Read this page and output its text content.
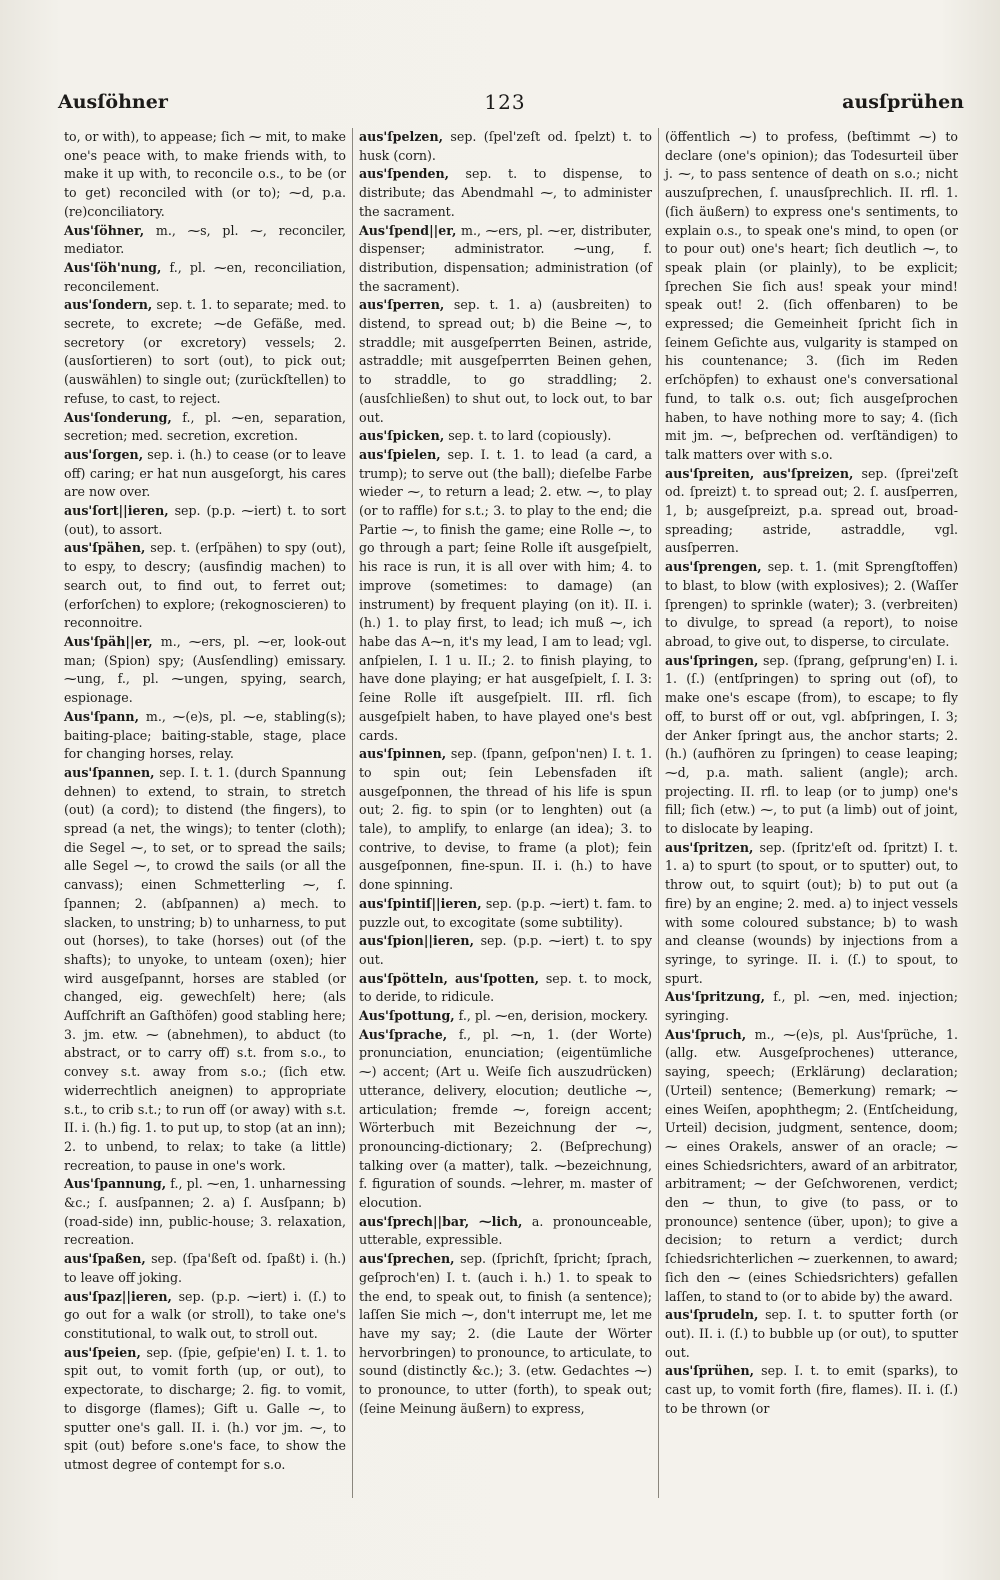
Ausſöhner	123	ausſprühen

to, or with), to appease; ſich ⁓ mit, to make one's peace with, to make friends with, to make it up with, to reconcile o.s., to be (or to get) reconciled with (or to); ⁓d, p.a. (re)conciliatory.

Aus'ſöhner, m., ⁓s, pl. ⁓, reconciler, mediator.

Aus'ſöh'nung, f., pl. ⁓en, reconciliation, reconcilement.

aus'ſondern, sep. t. 1. to separate; med. to secrete, to excrete; ⁓de Gefäße, med. secretory (or excretory) vessels; 2. (ausſortieren) to sort (out), to pick out; (auswählen) to single out; (zurückſtellen) to refuse, to cast, to reject.

Aus'ſonderung, f., pl. ⁓en, separation, secretion; med. secretion, excretion.

aus'ſorgen, sep. i. (h.) to cease (or to leave off) caring; er hat nun ausgeſorgt, his cares are now over.

aus'ſort||ieren, sep. (p.p. ⁓iert) t. to sort (out), to assort.

aus'ſpähen, sep. t. (erſpähen) to spy (out), to espy, to descry; (ausfindig machen) to search out, to find out, to ferret out; (erforſchen) to explore; (rekognoscieren) to reconnoitre.

Aus'ſpäh||er, m., ⁓ers, pl. ⁓er, look-out man; (Spion) spy; (Ausſendling) emissary. ⁓ung, f., pl. ⁓ungen, spying, search, espionage.

Aus'ſpann, m., ⁓(e)s, pl. ⁓e, stabling(s); baiting-place; baiting-stable, stage, place for changing horses, relay.

aus'ſpannen, sep. I. t. 1. (durch Spannung dehnen) to extend, to strain, to stretch (out) (a cord); to distend (the fingers), to spread (a net, the wings); to tenter (cloth); die Segel ⁓, to set, or to spread the sails; alle Segel ⁓, to crowd the sails (or all the canvass); einen Schmetterling ⁓, ſ. ſpannen; 2. (abſpannen) a) mech. to slacken, to unstring; b) to unharness, to put out (horses), to take (horses) out (of the shafts); to unyoke, to unteam (oxen); hier wird ausgeſpannt, horses are stabled (or changed, eig. gewechſelt) here; (als Aufſchrift an Gaſthöfen) good stabling here; 3. jm. etw. ⁓ (abnehmen), to abduct (to abstract, or to carry off) s.t. from s.o., to convey s.t. away from s.o.; (ſich etw. widerrechtlich aneignen) to appropriate s.t., to crib s.t.; to run off (or away) with s.t. II. i. (h.) fig. 1. to put up, to stop (at an inn); 2. to unbend, to relax; to take (a little) recreation, to pause in one's work.

Aus'ſpannung, f., pl. ⁓en, 1. unharnessing &c.; ſ. ausſpannen; 2. a) ſ. Ausſpann; b) (road-side) inn, public-house; 3. relaxation, recreation.

aus'ſpaßen, sep. (ſpa'ßeſt od. ſpaßt) i. (h.) to leave off joking.

aus'ſpaz||ieren, sep. (p.p. ⁓iert) i. (ſ.) to go out for a walk (or stroll), to take one's constitutional, to walk out, to stroll out.

aus'ſpeien, sep. (ſpie, geſpie'en) I. t. 1. to spit out, to vomit forth (up, or out), to expectorate, to discharge; 2. fig. to vomit, to disgorge (flames); Gift u. Galle ⁓, to sputter one's gall. II. i. (h.) vor jm. ⁓, to spit (out) before s.one's face, to show the utmost degree of contempt for s.o.

aus'ſpelzen, sep. (ſpel'zeſt od. ſpelzt) t. to husk (corn).

aus'ſpenden, sep. t. to dispense, to distribute; das Abendmahl ⁓, to administer the sacrament.

Aus'ſpend||er, m., ⁓ers, pl. ⁓er, distributer, dispenser; administrator. ⁓ung, f. distribution, dispensation; administration (of the sacrament).

aus'ſperren, sep. t. 1. a) (ausbreiten) to distend, to spread out; b) die Beine ⁓, to straddle; mit ausgeſperrten Beinen, astride, astraddle; mit ausgeſperrten Beinen gehen, to straddle, to go straddling; 2. (ausſchließen) to shut out, to lock out, to bar out.

aus'ſpicken, sep. t. to lard (copiously).

aus'ſpielen, sep. I. t. 1. to lead (a card, a trump); to serve out (the ball); dieſelbe Farbe wieder ⁓, to return a lead; 2. etw. ⁓, to play (or to raffle) for s.t.; 3. to play to the end; die Partie ⁓, to finish the game; eine Rolle ⁓, to go through a part; ſeine Rolle iſt ausgeſpielt, his race is run, it is all over with him; 4. to improve (sometimes: to damage) (an instrument) by frequent playing (on it). II. i. (h.) 1. to play first, to lead; ich muß ⁓, ich habe das A⁓n, it's my lead, I am to lead; vgl. anſpielen, I. 1 u. II.; 2. to finish playing, to have done playing; er hat ausgeſpielt, ſ. I. 3: ſeine Rolle iſt ausgeſpielt. III. rfl. ſich ausgeſpielt haben, to have played one's best cards.

aus'ſpinnen, sep. (ſpann, geſpon'nen) I. t. 1. to spin out; ſein Lebensfaden iſt ausgeſponnen, the thread of his life is spun out; 2. fig. to spin (or to lenghten) out (a tale), to amplify, to enlarge (an idea); 3. to contrive, to devise, to frame (a plot); fein ausgeſponnen, fine-spun. II. i. (h.) to have done spinning.

aus'ſpintiſ||ieren, sep. (p.p. ⁓iert) t. fam. to puzzle out, to excogitate (some subtility).

aus'ſpion||ieren, sep. (p.p. ⁓iert) t. to spy out.

aus'ſpötteln, aus'ſpotten, sep. t. to mock, to deride, to ridicule.

Aus'ſpottung, f., pl. ⁓en, derision, mockery.

Aus'ſprache, f., pl. ⁓n, 1. (der Worte) pronunciation, enunciation; (eigentümliche ⁓) accent; (Art u. Weiſe ſich auszudrücken) utterance, delivery, elocution; deutliche ⁓, articulation; fremde ⁓, foreign accent; Wörterbuch mit Bezeichnung der ⁓, pronouncing-dictionary; 2. (Beſprechung) talking over (a matter), talk. ⁓bezeichnung, f. figuration of sounds. ⁓lehrer, m. master of elocution.

aus'ſprech||bar, ⁓lich, a. pronounceable, utterable, expressible.

aus'ſprechen, sep. (ſprichſt, ſpricht; ſprach, geſproch'en) I. t. (auch i. h.) 1. to speak to the end, to speak out, to finish (a sentence); laſſen Sie mich ⁓, don't interrupt me, let me have my say; 2. (die Laute der Wörter hervorbringen) to pronounce, to articulate, to sound (distinctly &c.); 3. (etw. Gedachtes ⁓) to pronounce, to utter (forth), to speak out; (ſeine Meinung äußern) to express,

(öffentlich ⁓) to profess, (beſtimmt ⁓) to declare (one's opinion); das Todesurteil über j. ⁓, to pass sentence of death on s.o.; nicht auszuſprechen, ſ. unausſprechlich. II. rfl. 1. (ſich äußern) to express one's sentiments, to explain o.s., to speak one's mind, to open (or to pour out) one's heart; ſich deutlich ⁓, to speak plain (or plainly), to be explicit; ſprechen Sie ſich aus! speak your mind! speak out! 2. (ſich offenbaren) to be expressed; die Gemeinheit ſpricht ſich in ſeinem Geſichte aus, vulgarity is stamped on his countenance; 3. (ſich im Reden erſchöpfen) to exhaust one's conversational fund, to talk o.s. out; ſich ausgeſprochen haben, to have nothing more to say; 4. (ſich mit jm. ⁓, beſprechen od. verſtändigen) to talk matters over with s.o.

aus'ſpreiten, aus'ſpreizen, sep. (ſprei'zeſt od. ſpreizt) t. to spread out; 2. ſ. ausſperren, 1, b; ausgeſpreizt, p.a. spread out, broad-spreading; astride, astraddle, vgl. ausſperren.

aus'ſprengen, sep. t. 1. (mit Sprengſtoffen) to blast, to blow (with explosives); 2. (Waſſer ſprengen) to sprinkle (water); 3. (verbreiten) to divulge, to spread (a report), to noise abroad, to give out, to disperse, to circulate.

aus'ſpringen, sep. (ſprang, geſprung'en) I. i. 1. (ſ.) (entſpringen) to spring out (of), to make one's escape (from), to escape; to fly off, to burst off or out, vgl. abſpringen, I. 3; der Anker ſpringt aus, the anchor starts; 2. (h.) (aufhören zu ſpringen) to cease leaping; ⁓d, p.a. math. salient (angle); arch. projecting. II. rfl. to leap (or to jump) one's fill; ſich (etw.) ⁓, to put (a limb) out of joint, to dislocate by leaping.

aus'ſpritzen, sep. (ſpritz'eſt od. ſpritzt) I. t. 1. a) to spurt (to spout, or to sputter) out, to throw out, to squirt (out); b) to put out (a fire) by an engine; 2. med. a) to inject vessels with some coloured substance; b) to wash and cleanse (wounds) by injections from a syringe, to syringe. II. i. (ſ.) to spout, to spurt.

Aus'ſpritzung, f., pl. ⁓en, med. injection; syringing.

Aus'ſpruch, m., ⁓(e)s, pl. Aus'ſprüche, 1. (allg. etw. Ausgeſprochenes) utterance, saying, speech; (Erklärung) declaration; (Urteil) sentence; (Bemerkung) remark; ⁓ eines Weiſen, apophthegm; 2. (Entſcheidung, Urteil) decision, judgment, sentence, doom; ⁓ eines Orakels, answer of an oracle; ⁓ eines Schiedsrichters, award of an arbitrator, arbitrament; ⁓ der Geſchworenen, verdict; den ⁓ thun, to give (to pass, or to pronounce) sentence (über, upon); to give a decision; to return a verdict; durch ſchiedsrichterlichen ⁓ zuerkennen, to award; ſich den ⁓ (eines Schiedsrichters) gefallen laſſen, to stand to (or to abide by) the award.

aus'ſprudeln, sep. I. t. to sputter forth (or out). II. i. (ſ.) to bubble up (or out), to sputter out.

aus'ſprühen, sep. I. t. to emit (sparks), to cast up, to vomit forth (fire, flames). II. i. (ſ.) to be thrown (or
